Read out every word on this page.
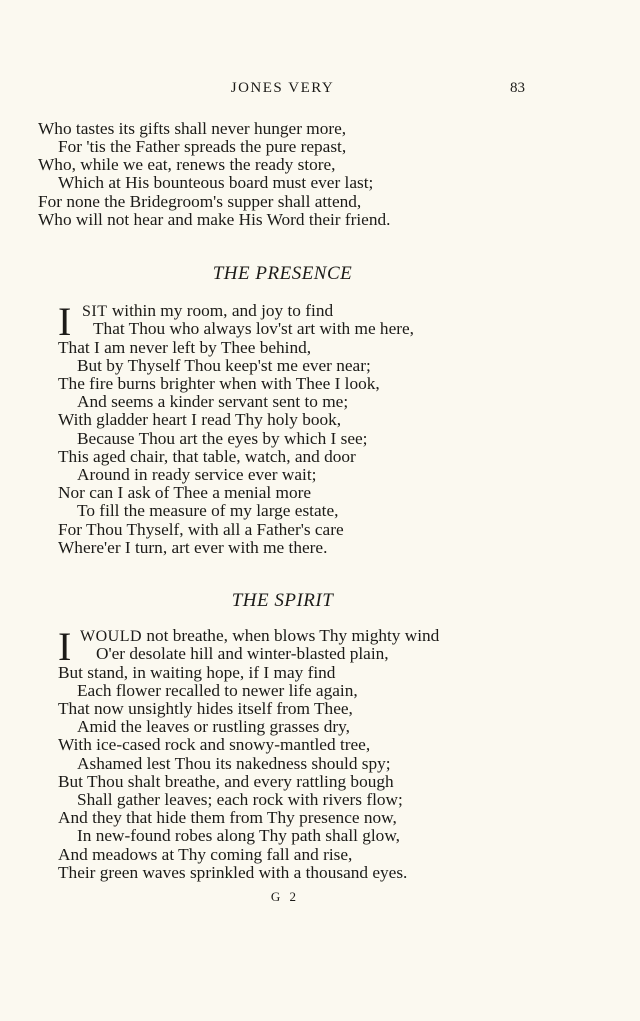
JONES VERY	83
Who tastes its gifts shall never hunger more,
For 'tis the Father spreads the pure repast,
Who, while we eat, renews the ready store,
Which at His bounteous board must ever last;
For none the Bridegroom's supper shall attend,
Who will not hear and make His Word their friend.
THE PRESENCE
I SIT within my room, and joy to find
That Thou who always lov'st art with me here,
That I am never left by Thee behind,
But by Thyself Thou keep'st me ever near;
The fire burns brighter when with Thee I look,
And seems a kinder servant sent to me;
With gladder heart I read Thy holy book,
Because Thou art the eyes by which I see;
This aged chair, that table, watch, and door
Around in ready service ever wait;
Nor can I ask of Thee a menial more
To fill the measure of my large estate,
For Thou Thyself, with all a Father's care
Where'er I turn, art ever with me there.
THE SPIRIT
I WOULD not breathe, when blows Thy mighty wind
O'er desolate hill and winter-blasted plain,
But stand, in waiting hope, if I may find
Each flower recalled to newer life again,
That now unsightly hides itself from Thee,
Amid the leaves or rustling grasses dry,
With ice-cased rock and snowy-mantled tree,
Ashamed lest Thou its nakedness should spy;
But Thou shalt breathe, and every rattling bough
Shall gather leaves; each rock with rivers flow;
And they that hide them from Thy presence now,
In new-found robes along Thy path shall glow,
And meadows at Thy coming fall and rise,
Their green waves sprinkled with a thousand eyes.
G 2
